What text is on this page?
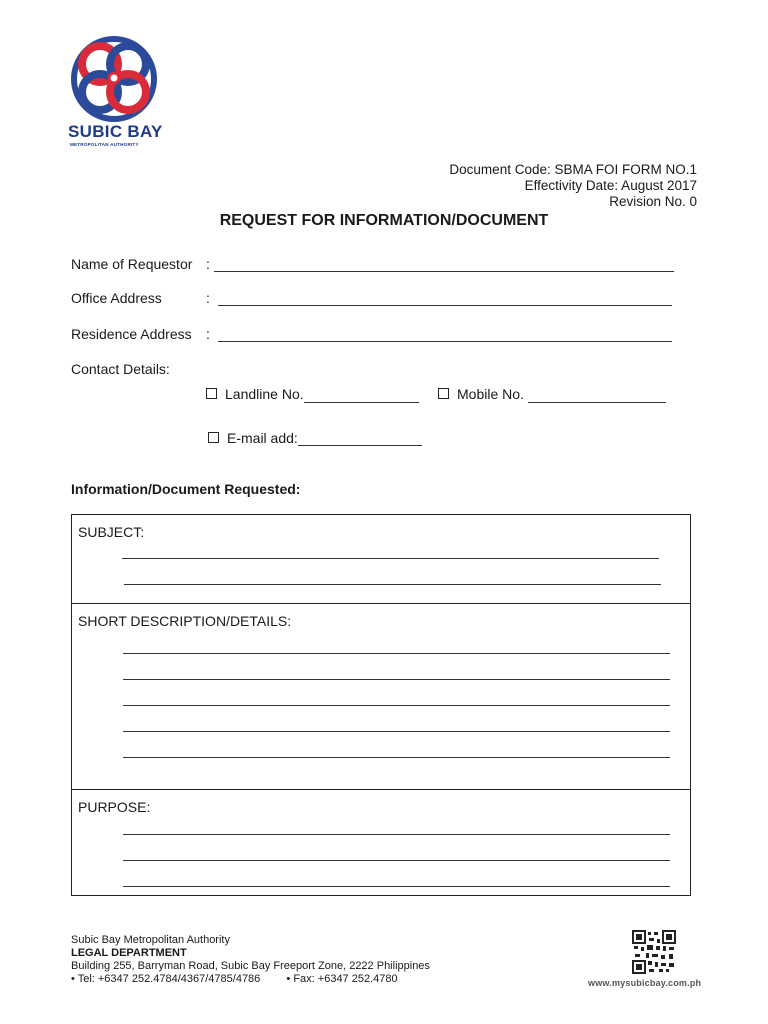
SUBIC BAY
METROPOLITAN AUTHORITY
Document Code: SBMA FOI FORM NO.1
Effectivity Date: August 2017
Revision No. 0
REQUEST FOR INFORMATION/DOCUMENT
Name of Requestor :
Office Address	:
Residence Address :
Contact Details:
Landline No.	Mobile No.
E-mail add:
Information/Document Requested:
SUBJECT:
SHORT DESCRIPTION/DETAILS:
PURPOSE:
Subic Bay Metropolitan Authority
LEGAL DEPARTMENT
Building 255, Barryman Road, Subic Bay Freeport Zone, 2222 Philippines
• Tel: +6347 252.4784/4367/4785/4786 • Fax: +6347 252.4780	www.mysubicbay.com.ph
